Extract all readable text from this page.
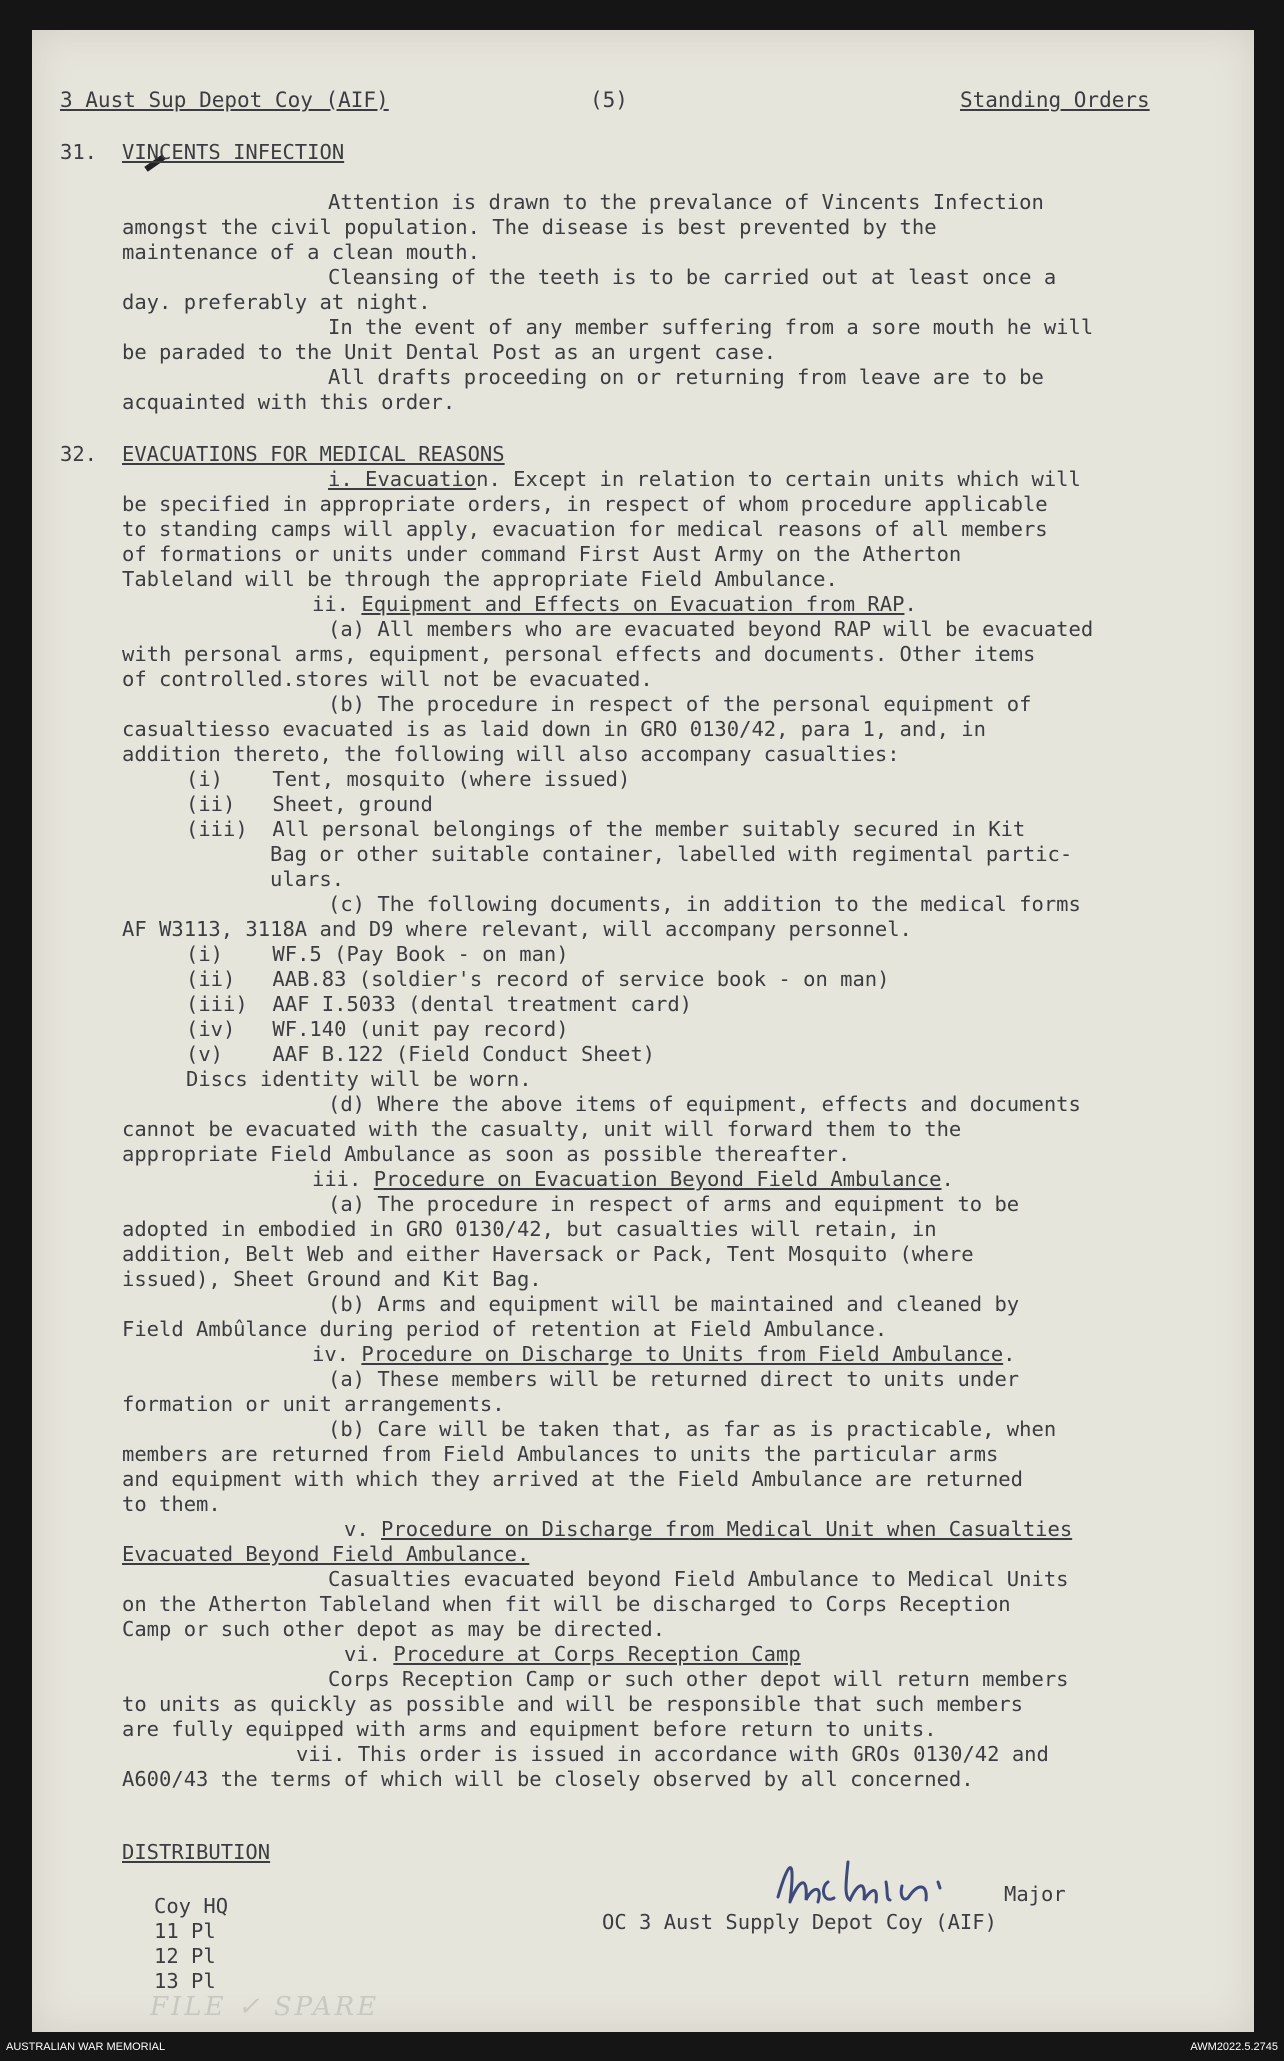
3 Aust Sup Depot Coy (AIF)	(5)	Standing Orders
31. VINCENTS INFECTION
32. EVACUATIONS FOR MEDICAL REASONS
DISTRIBUTION
Coy HQ
11 Pl
12 Pl
13 Pl
Major
OC 3 Aust Supply Depot Coy (AIF)
Attention is drawn to the prevalance of Vincents Infection
amongst the civil population. The disease is best prevented by the
maintenance of a clean mouth.
Cleansing of the teeth is to be carried out at least once a
day. preferably at night.
In the event of any member suffering from a sore mouth he will
be paraded to the Unit Dental Post as an urgent case.
All drafts proceeding on or returning from leave are to be
acquainted with this order.
i. Evacuation. Except in relation to certain units which will
be specified in appropriate orders, in respect of whom procedure applicable
to standing camps will apply, evacuation for medical reasons of all members
of formations or units under command First Aust Army on the Atherton
Tableland will be through the appropriate Field Ambulance.
ii. Equipment and Effects on Evacuation from RAP.
(a) All members who are evacuated beyond RAP will be evacuated
with personal arms, equipment, personal effects and documents. Other items
of controlled.stores will not be evacuated.
(b) The procedure in respect of the personal equipment of
casualtiesso evacuated is as laid down in GRO 0130/42, para 1, and, in
addition thereto, the following will also accompany casualties:
(i)    Tent, mosquito (where issued)
(ii)   Sheet, ground
(iii)  All personal belongings of the member suitably secured in Kit
Bag or other suitable container, labelled with regimental partic-
ulars.
(c) The following documents, in addition to the medical forms
AF W3113, 3118A and D9 where relevant, will accompany personnel.
(i)    WF.5 (Pay Book - on man)
(ii)   AAB.83 (soldier's record of service book - on man)
(iii)  AAF I.5033 (dental treatment card)
(iv)   WF.140 (unit pay record)
(v)    AAF B.122 (Field Conduct Sheet)
Discs identity will be worn.
(d) Where the above items of equipment, effects and documents
cannot be evacuated with the casualty, unit will forward them to the
appropriate Field Ambulance as soon as possible thereafter.
iii. Procedure on Evacuation Beyond Field Ambulance.
(a) The procedure in respect of arms and equipment to be
adopted in embodied in GRO 0130/42, but casualties will retain, in
addition, Belt Web and either Haversack or Pack, Tent Mosquito (where
issued), Sheet Ground and Kit Bag.
(b) Arms and equipment will be maintained and cleaned by
Field Ambûlance during period of retention at Field Ambulance.
iv. Procedure on Discharge to Units from Field Ambulance.
(a) These members will be returned direct to units under
formation or unit arrangements.
(b) Care will be taken that, as far as is practicable, when
members are returned from Field Ambulances to units the particular arms
and equipment with which they arrived at the Field Ambulance are returned
to them.
v. Procedure on Discharge from Medical Unit when Casualties
Evacuated Beyond Field Ambulance.
Casualties evacuated beyond Field Ambulance to Medical Units
on the Atherton Tableland when fit will be discharged to Corps Reception
Camp or such other depot as may be directed.
vi. Procedure at Corps Reception Camp
Corps Reception Camp or such other depot will return members
to units as quickly as possible and will be responsible that such members
are fully equipped with arms and equipment before return to units.
vii. This order is issued in accordance with GROs 0130/42 and
A600/43 the terms of which will be closely observed by all concerned.
FILE ✓ SPARE
AUSTRALIAN WAR MEMORIAL	AWM2022.5.2745
